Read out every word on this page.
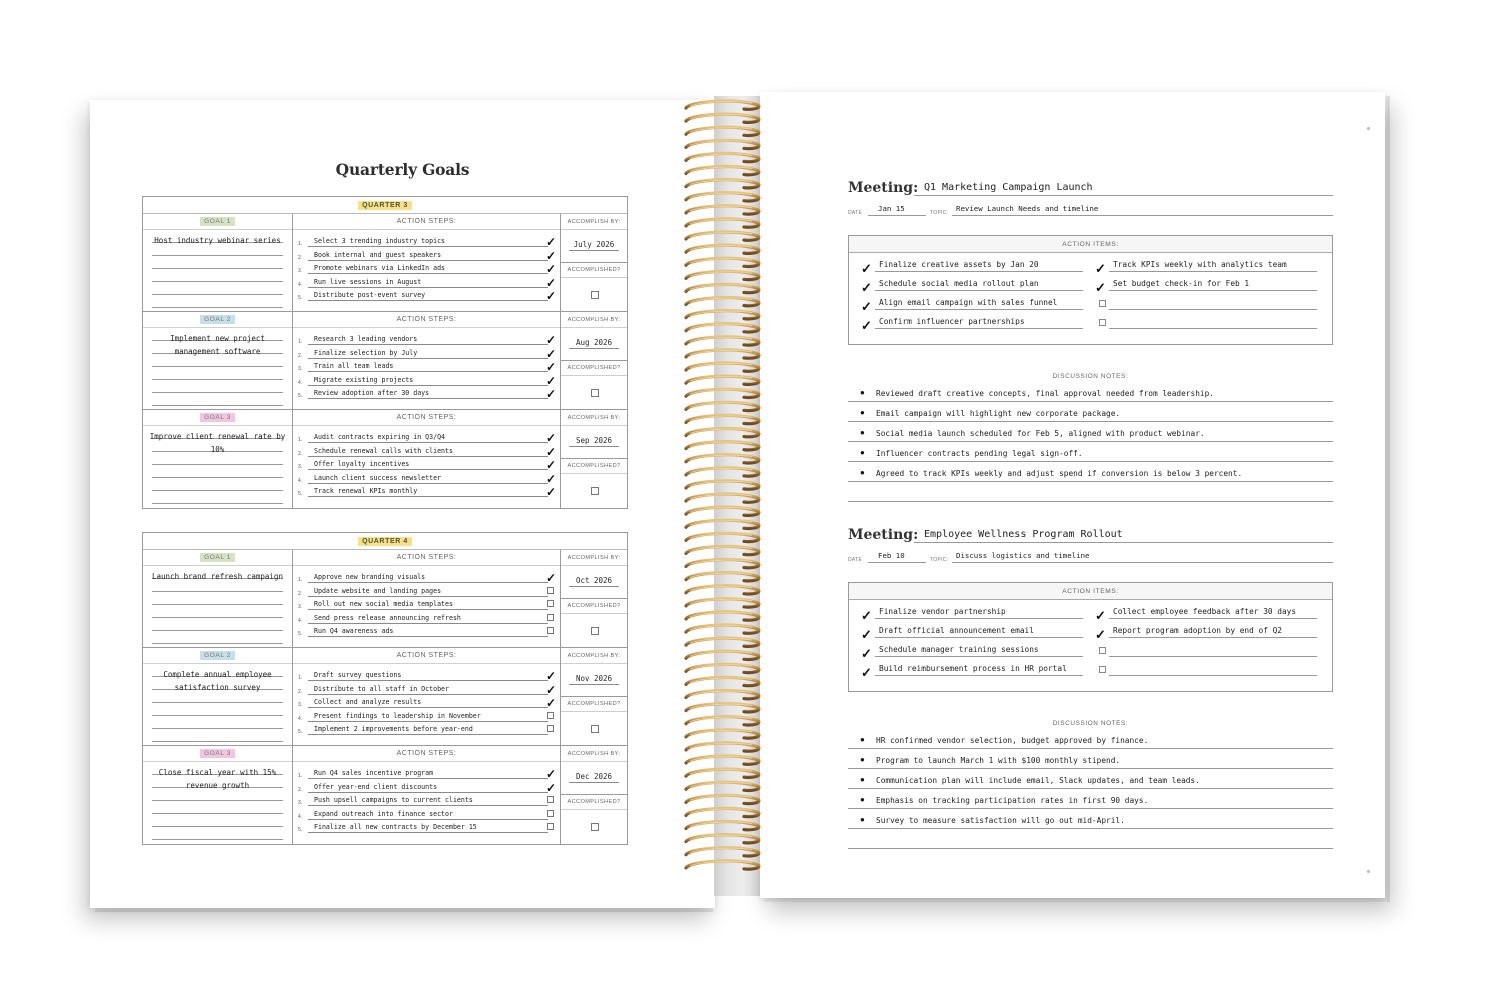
Quarterly Goals
QUARTER 3
GOAL 1
Host industry webinar series
ACTION STEPS:
1. Select 3 trending industry topics	✓
2. Book internal and guest speakers	✓
3. Promote webinars via LinkedIn ads	✓
4. Run live sessions in August	✓
5. Distribute post-event survey	✓
ACCOMPLISH BY:
July 2026
ACCOMPLISHED?
GOAL 2
Implement new project management software
ACTION STEPS:
1. Research 3 leading vendors	✓
2. Finalize selection by July	✓
3. Train all team leads	✓
4. Migrate existing projects	✓
5. Review adoption after 30 days	✓
ACCOMPLISH BY:
Aug 2026
ACCOMPLISHED?
GOAL 3
Improve client renewal rate by 10%
ACTION STEPS:
1. Audit contracts expiring in Q3/Q4	✓
2. Schedule renewal calls with clients	✓
3. Offer loyalty incentives	✓
4. Launch client success newsletter	✓
5. Track renewal KPIs monthly	✓
ACCOMPLISH BY:
Sep 2026
ACCOMPLISHED?
QUARTER 4
GOAL 1
Launch brand refresh campaign
ACTION STEPS:
1. Approve new branding visuals	✓
2. Update website and landing pages
3. Roll out new social media templates
4. Send press release announcing refresh
5. Run Q4 awareness ads
ACCOMPLISH BY:
Oct 2026
ACCOMPLISHED?
GOAL 2
Complete annual employee satisfaction survey
ACTION STEPS:
1. Draft survey questions	✓
2. Distribute to all staff in October	✓
3. Collect and analyze results	✓
4. Present findings to leadership in November
5. Implement 2 improvements before year-end
ACCOMPLISH BY:
Nov 2026
ACCOMPLISHED?
GOAL 3
Close fiscal year with 15% revenue growth
ACTION STEPS:
1. Run Q4 sales incentive program	✓
2. Offer year-end client discounts	✓
3. Push upsell campaigns to current clients
4. Expand outreach into finance sector
5. Finalize all new contracts by December 15
ACCOMPLISH BY:
Dec 2026
ACCOMPLISHED?
Meeting: Q1 Marketing Campaign Launch
DATE	Jan 15	TOPIC:	Review Launch Needs and timeline
ACTION ITEMS:
✓ Finalize creative assets by Jan 20
✓ Schedule social media rollout plan
✓ Align email campaign with sales funnel
✓ Confirm influencer partnerships
✓ Track KPIs weekly with analytics team
✓ Set budget check-in for Feb 1
DISCUSSION NOTES:
● Reviewed draft creative concepts, final approval needed from leadership.
● Email campaign will highlight new corporate package.
● Social media launch scheduled for Feb 5, aligned with product webinar.
● Influencer contracts pending legal sign-off.
● Agreed to track KPIs weekly and adjust spend if conversion is below 3 percent.
Meeting: Employee Wellness Program Rollout
DATE	Feb 10	TOPIC:	Discuss logistics and timeline
ACTION ITEMS:
✓ Finalize vendor partnership
✓ Draft official announcement email
✓ Schedule manager training sessions
✓ Build reimbursement process in HR portal
✓ Collect employee feedback after 30 days
✓ Report program adoption by end of Q2
DISCUSSION NOTES:
● HR confirmed vendor selection, budget approved by finance.
● Program to launch March 1 with $100 monthly stipend.
● Communication plan will include email, Slack updates, and team leads.
● Emphasis on tracking participation rates in first 90 days.
● Survey to measure satisfaction will go out mid-April.
